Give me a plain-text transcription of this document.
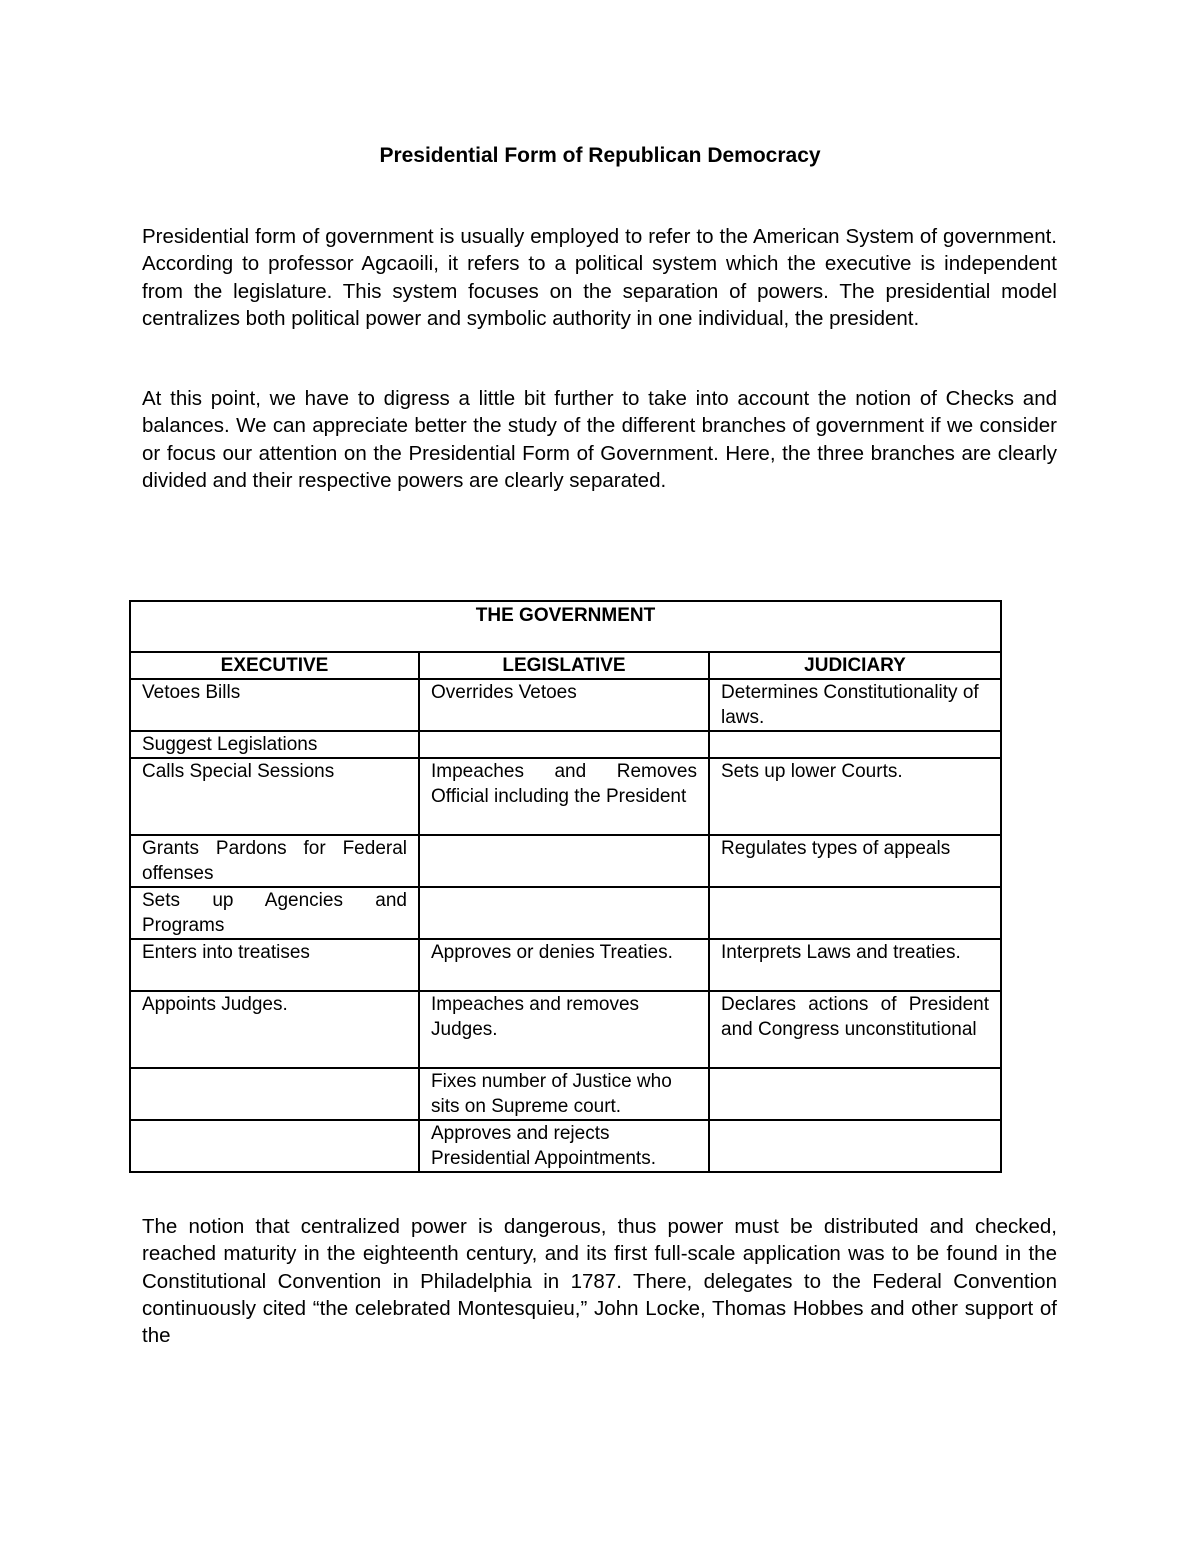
Presidential Form of Republican Democracy

Presidential form of government is usually employed to refer to the American System of government. According to professor Agcaoili, it refers to a political system which the executive is independent from the legislature. This system focuses on the separation of powers. The presidential model centralizes both political power and symbolic authority in one individual, the president.

At this point, we have to digress a little bit further to take into account the notion of Checks and balances. We can appreciate better the study of the different branches of government if we consider or focus our attention on the Presidential Form of Government. Here, the three branches are clearly divided and their respective powers are clearly separated.

THE GOVERNMENT		
EXECUTIVE	LEGISLATIVE	JUDICIARY
Vetoes Bills	Overrides Vetoes	Determines Constitutionality of laws.
Suggest Legislations		
Calls Special Sessions	Impeaches and Removes Official including the President	Sets up lower Courts.
Grants Pardons for Federal offenses		Regulates types of appeals
Sets up Agencies and Programs		
Enters into treatises	Approves or denies Treaties.	Interprets Laws and treaties.
Appoints Judges.	Impeaches and removes Judges.	Declares actions of President and Congress unconstitutional
	Fixes number of Justice who sits on Supreme court.	
	Approves and rejects Presidential Appointments.	

The notion that centralized power is dangerous, thus power must be distributed and checked, reached maturity in the eighteenth century, and its first full-scale application was to be found in the Constitutional Convention in Philadelphia in 1787. There, delegates to the Federal Convention continuously cited “the celebrated Montesquieu,” John Locke, Thomas Hobbes and other support of the
